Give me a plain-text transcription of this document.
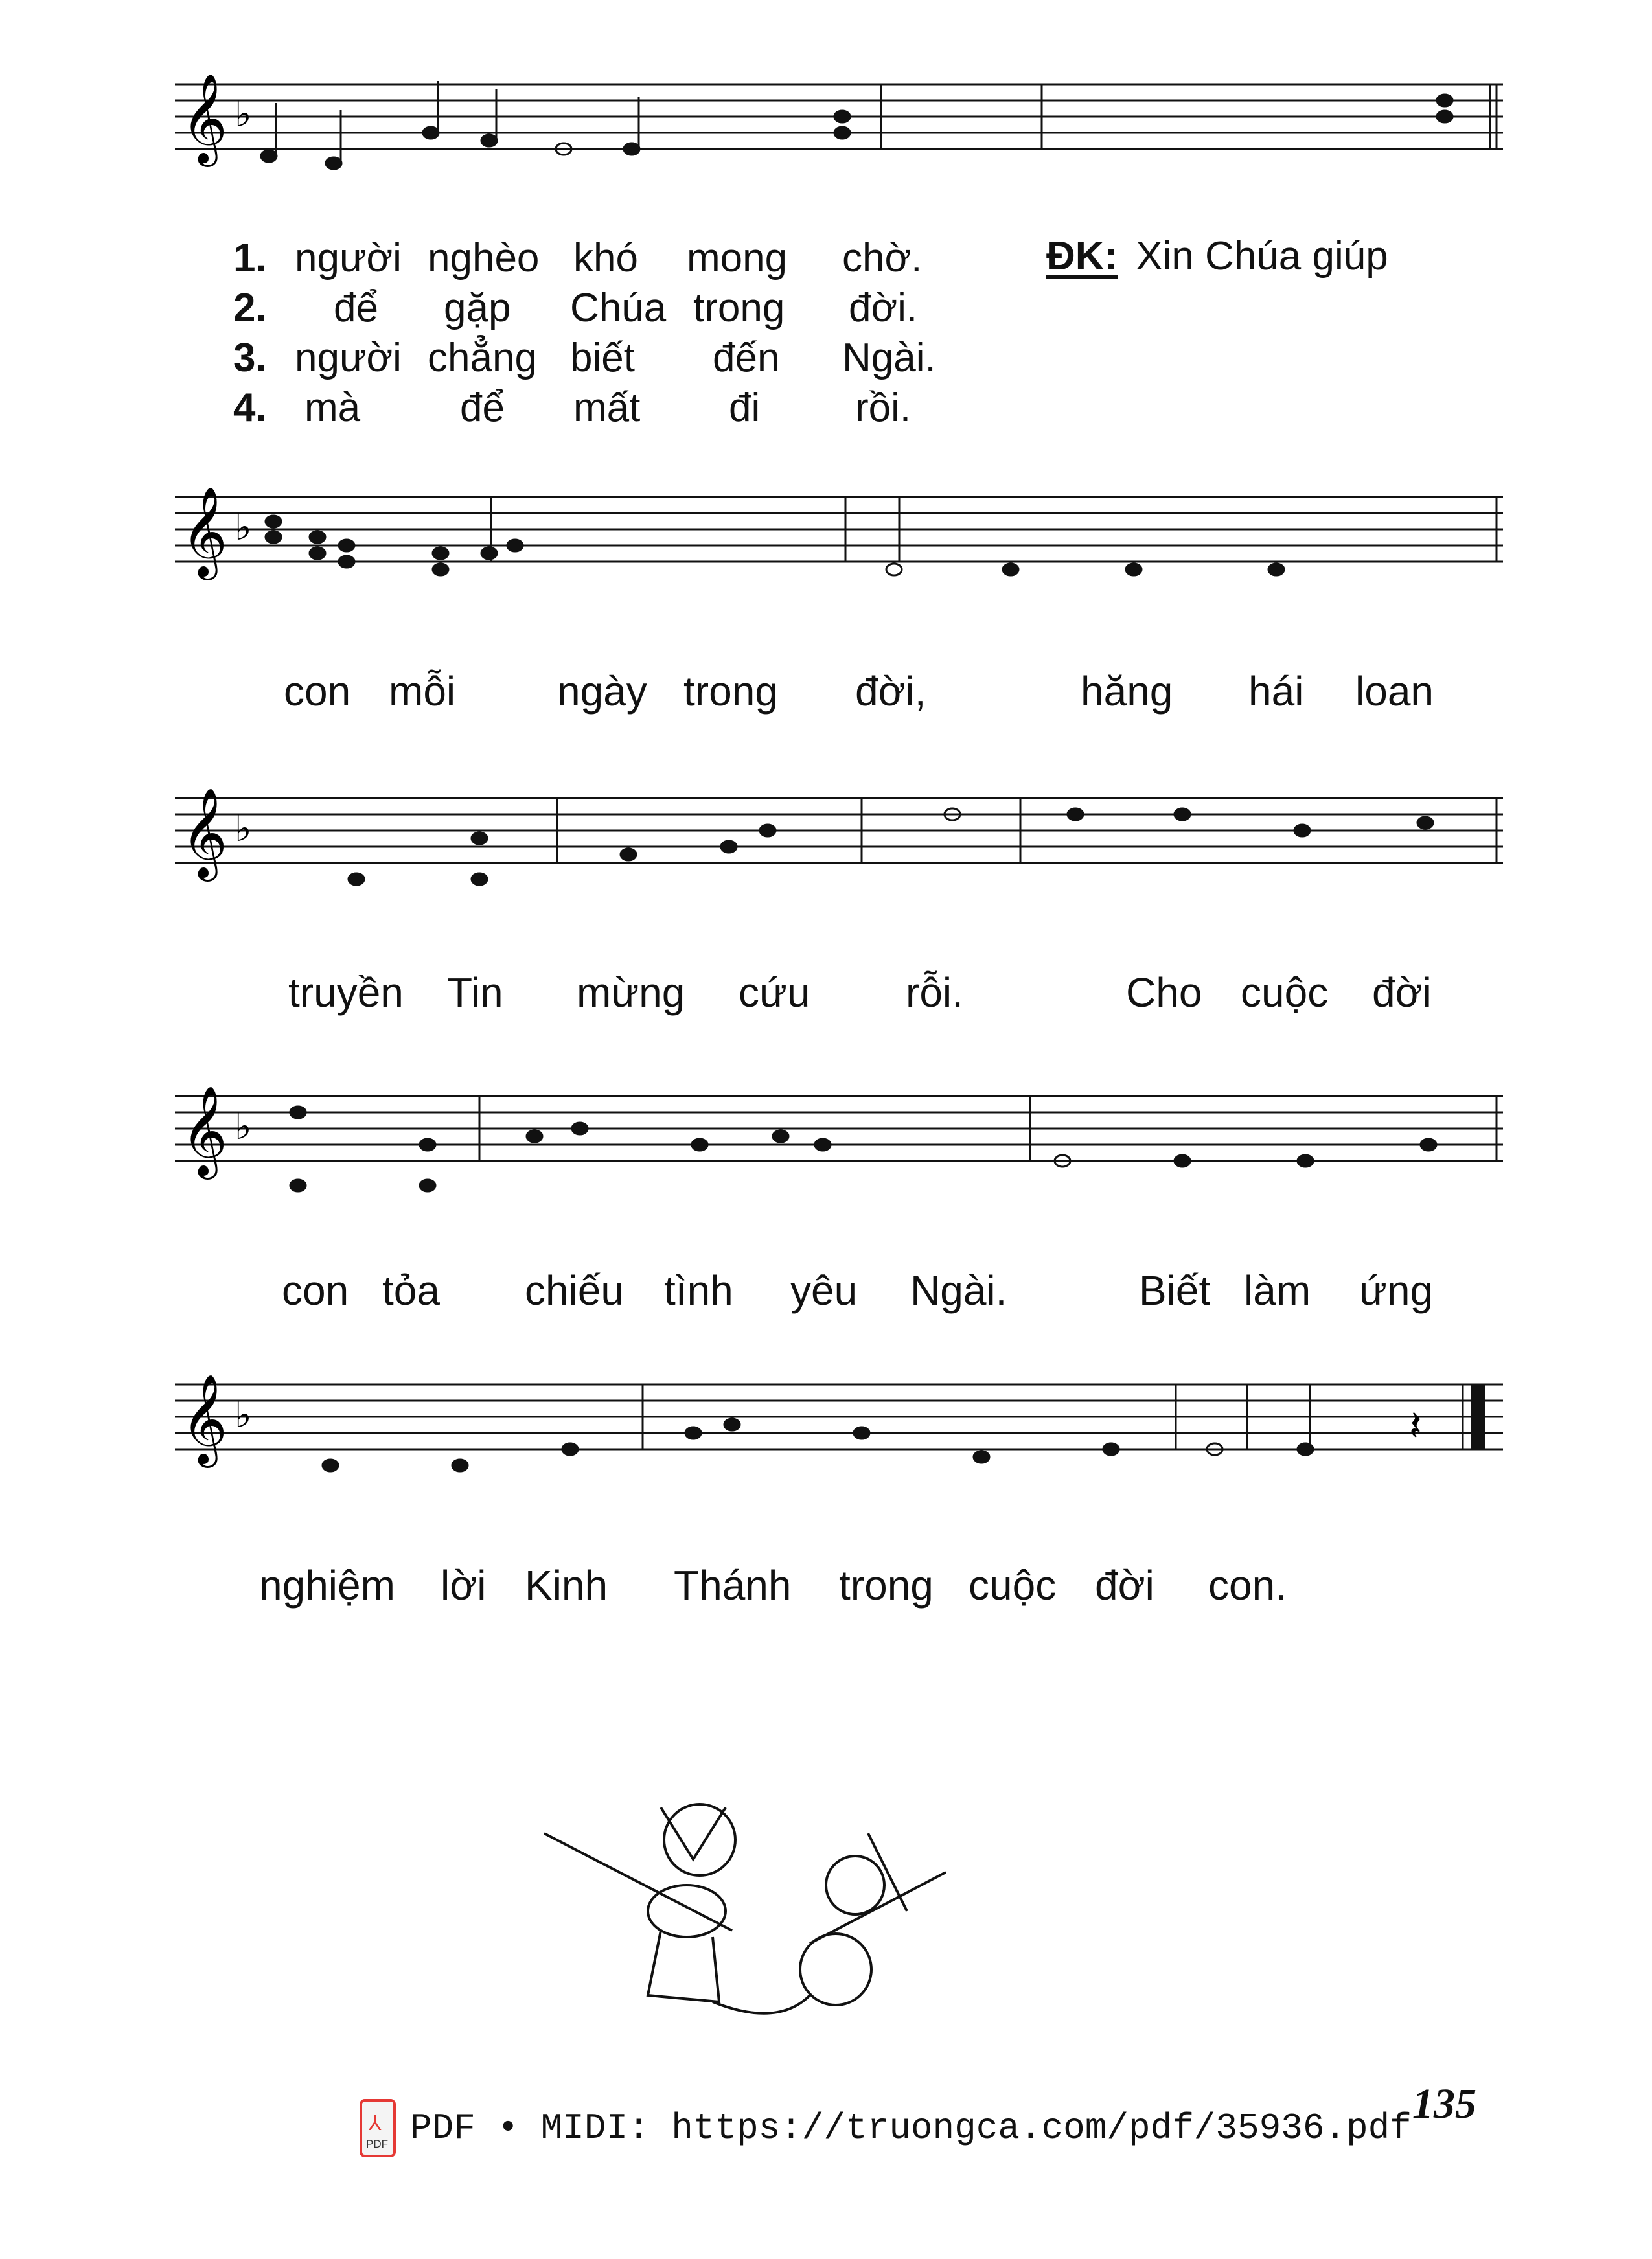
𝄞 ♭
1. người nghèo khó mong chờ.
2. để gặp Chúa trong đời.
3. người chẳng biết đến Ngài.
4. mà để mất đi rồi.
ĐK: Xin Chúa giúp
𝄞 ♭
con mỗi ngày trong đời,	hăng hái loan
𝄞 ♭
truyền Tin mừng cứu rỗi.	Cho cuộc đời
𝄞 ♭
con tỏa chiếu tình yêu Ngài.	Biết làm ứng
𝄞 ♭	𝄽
nghiệm lời Kinh Thánh trong cuộc đời con.
135
⅄
PDF PDF • MIDI: https://truongca.com/pdf/35936.pdf
